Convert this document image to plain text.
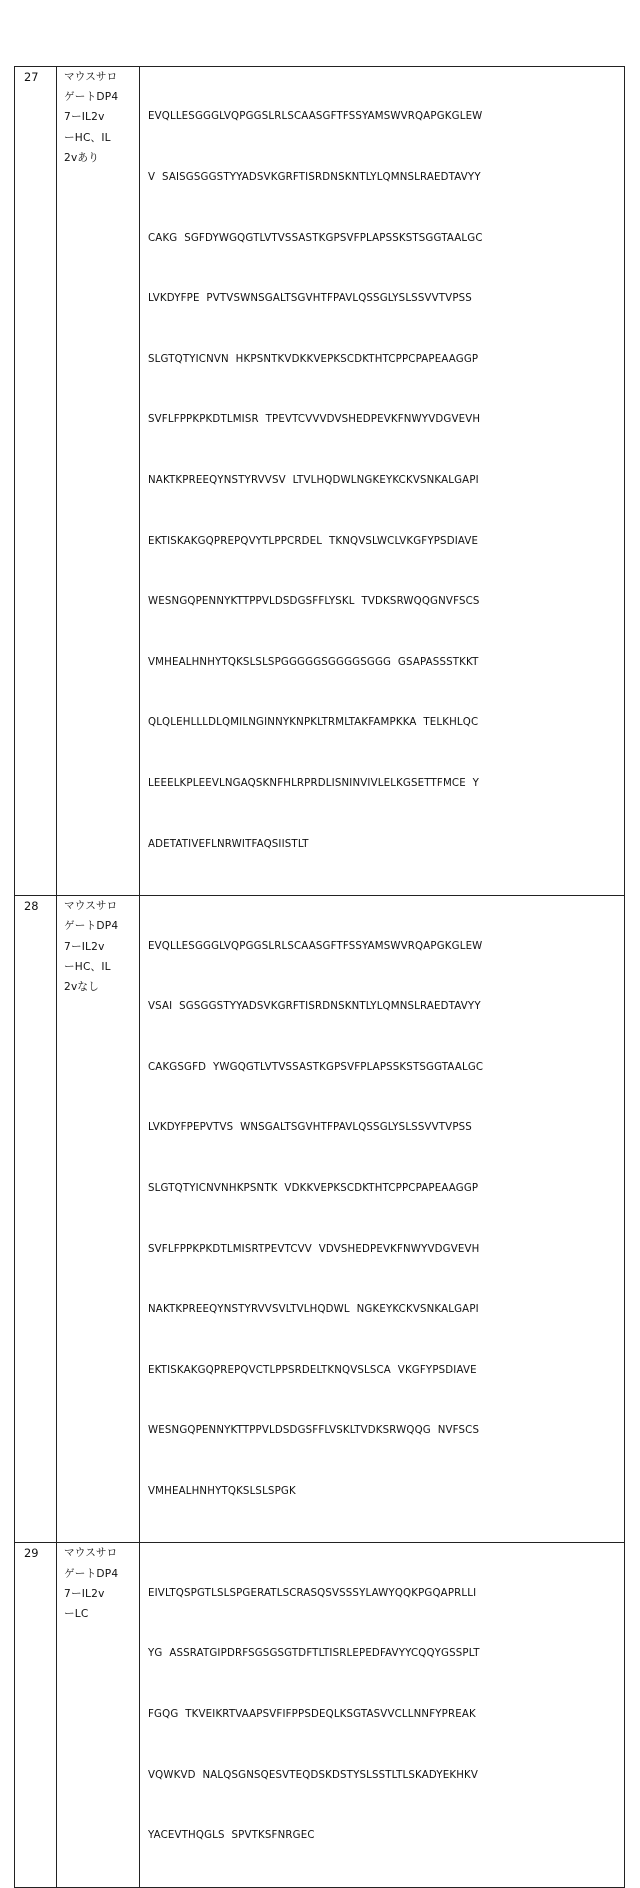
27	マウスサロ
ゲートDP4
7ーIL2v
ーHC、IL
2vあり

EVQLLESGGGLVQPGGSLRLSCAASGFTFSSYAMSWVRQAPGKGLEW

V  SAISGSGGSTYYADSVKGRFTISRDNSKNTLYLQMNSLRAEDTAVYY

CAKG  SGFDYWGQGTLVTVSSASTKGPSVFPLAPSSKSTSGGTAALGC

LVKDYFPE  PVTVSWNSGALTSGVHTFPAVLQSSGLYSLSSVVTVPSS

SLGTQTYICNVN  HKPSNTKVDKKVEPKSCDKTHTCPPCPAPEAAGGP

SVFLFPPKPKDTLMISR  TPEVTCVVVDVSHEDPEVKFNWYVDGVEVH

NAKTKPREEQYNSTYRVVSV  LTVLHQDWLNGKEYKCKVSNKALGAPI

EKTISKAKGQPREPQVYTLPPCRDEL  TKNQVSLWCLVKGFYPSDIAVE

WESNGQPENNYKTTPPVLDSDGSFFLYSKL  TVDKSRWQQGNVFSCS

VMHEALHNHYTQKSLSLSPGGGGGSGGGGSGGG  GSAPASSSTKKT

QLQLEHLLLDLQMILNGINNYKNPKLTRMLTAKFAMPKKA  TELKHLQC

LEEELKPLEEVLNGAQSKNFHLRPRDLISNINVIVLELKGSETTFMCE  Y

ADETATIVEFLNRWITFAQSIISTLT

28	マウスサロ
ゲートDP4
7ーIL2v
ーHC、IL
2vなし

EVQLLESGGGLVQPGGSLRLSCAASGFTFSSYAMSWVRQAPGKGLEW

VSAI  SGSGGSTYYADSVKGRFTISRDNSKNTLYLQMNSLRAEDTAVYY

CAKGSGFD  YWGQGTLVTVSSASTKGPSVFPLAPSSKSTSGGTAALGC

LVKDYFPEPVTVS  WNSGALTSGVHTFPAVLQSSGLYSLSSVVTVPSS

SLGTQTYICNVNHKPSNTK  VDKKVEPKSCDKTHTCPPCPAPEAAGGP

SVFLFPPKPKDTLMISRTPEVTCVV  VDVSHEDPEVKFNWYVDGVEVH

NAKTKPREEQYNSTYRVVSVLTVLHQDWL  NGKEYKCKVSNKALGAPI

EKTISKAKGQPREPQVCTLPPSRDELTKNQVSLSCA  VKGFYPSDIAVE

WESNGQPENNYKTTPPVLDSDGSFFLVSKLTVDKSRWQQG  NVFSCS

VMHEALHNHYTQKSLSLSPGK

29	マウスサロ
ゲートDP4
7ーIL2v
ーLC

EIVLTQSPGTLSLSPGERATLSCRASQSVSSSYLAWYQQKPGQAPRLLI

YG  ASSRATGIPDRFSGSGSGTDFTLTISRLEPEDFAVYYCQQYGSSPLT

FGQG  TKVEIKRTVAAPSVFIFPPSDEQLKSGTASVVCLLNNFYPREAK

VQWKVD  NALQSGNSQESVTEQDSKDSTYSLSSTLTLSKADYEKHKV

YACEVTHQGLS  SPVTKSFNRGEC
